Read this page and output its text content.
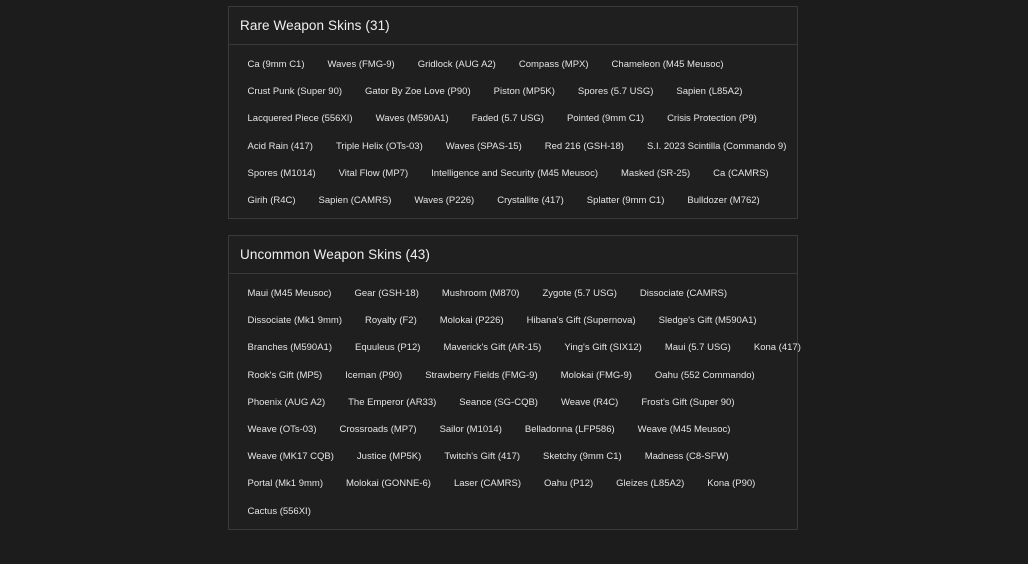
Rare Weapon Skins (31)
Ca (9mm C1)	Waves (FMG-9)	Gridlock (AUG A2)	Compass (MPX)	Chameleon (M45 Meusoc)
Crust Punk (Super 90)	Gator By Zoe Love (P90)	Piston (MP5K)	Spores (5.7 USG)	Sapien (L85A2)
Lacquered Piece (556XI)	Waves (M590A1)	Faded (5.7 USG)	Pointed (9mm C1)	Crisis Protection (P9)
Acid Rain (417)	Triple Helix (OTs-03)	Waves (SPAS-15)	Red 216 (GSH-18)	S.I. 2023 Scintilla (Commando 9)
Spores (M1014)	Vital Flow (MP7)	Intelligence and Security (M45 Meusoc)	Masked (SR-25)	Ca (CAMRS)
Girih (R4C)	Sapien (CAMRS)	Waves (P226)	Crystallite (417)	Splatter (9mm C1)	Bulldozer (M762)
Uncommon Weapon Skins (43)
Maui (M45 Meusoc)	Gear (GSH-18)	Mushroom (M870)	Zygote (5.7 USG)	Dissociate (CAMRS)
Dissociate (Mk1 9mm)	Royalty (F2)	Molokai (P226)	Hibana's Gift (Supernova)	Sledge's Gift (M590A1)
Branches (M590A1)	Equuleus (P12)	Maverick's Gift (AR-15)	Ying's Gift (SIX12)	Maui (5.7 USG)	Kona (417)
Rook's Gift (MP5)	Iceman (P90)	Strawberry Fields (FMG-9)	Molokai (FMG-9)	Oahu (552 Commando)
Phoenix (AUG A2)	The Emperor (AR33)	Seance (SG-CQB)	Weave (R4C)	Frost's Gift (Super 90)
Weave (OTs-03)	Crossroads (MP7)	Sailor (M1014)	Belladonna (LFP586)	Weave (M45 Meusoc)
Weave (MK17 CQB)	Justice (MP5K)	Twitch's Gift (417)	Sketchy (9mm C1)	Madness (C8-SFW)
Portal (Mk1 9mm)	Molokai (GONNE-6)	Laser (CAMRS)	Oahu (P12)	Gleizes (L85A2)	Kona (P90)
Cactus (556XI)
